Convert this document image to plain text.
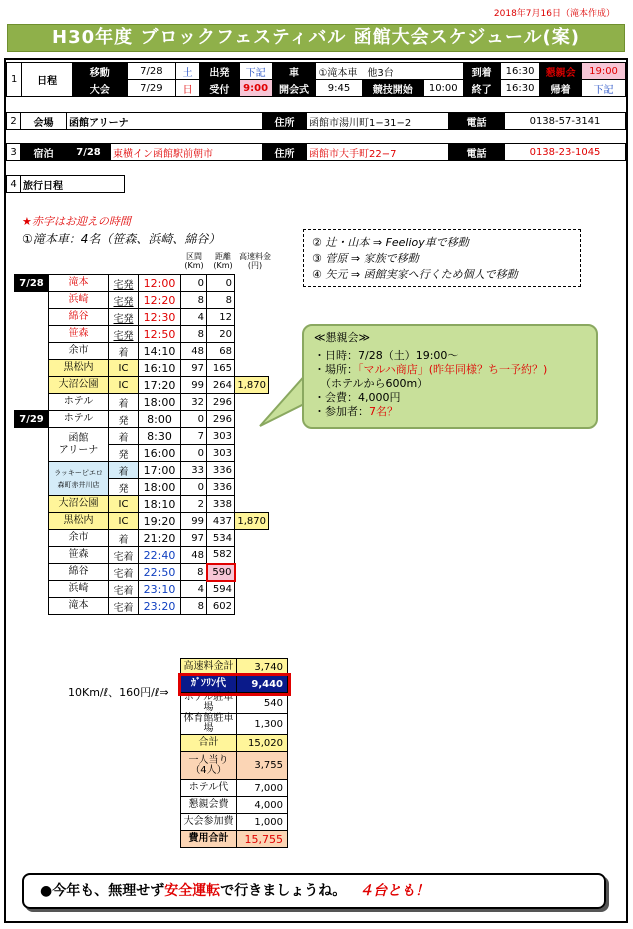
2018年7月16日（滝本作成）
H30年度 ブロックフェスティバル 函館大会スケジュール(案)
1	日程	移動	7/28	土	出発	下記	車	①滝本車　他3台			到着	16:30	懇親会	19:00
		大会	7/29	日	受付	9:00	開会式	9:45	競技開始	10:00	終了	16:30	帰着	下記
2	会場	函館アリーナ	住所	函館市湯川町1−31−2	電話	0138-57-3141
3	宿泊	7/28	東横イン函館駅前朝市	住所	函館市大手町22−7	電話	0138-23-1045
4	旅行日程
★赤字はお迎えの時間
①滝本車：4名（笹森、浜崎、綿谷）
区間
(Km)
距離
(Km)
高速料金
(円)
7/28	滝本	宅発	12:00	0	0	
	浜崎	宅発	12:20	8	8	
	綿谷	宅発	12:30	4	12	
	笹森	宅発	12:50	8	20	
	余市	着	14:10	48	68	
	黒松内	IC	16:10	97	165	
	大沼公園	IC	17:20	99	264	1,870
	ホテル	着	18:00	32	296	
7/29	ホテル	発	8:00	0	296	
	函館
アリーナ	着	8:30	7	303	
		発	16:00	0	303	
	ラッキーピエロ
森町赤井川店	着	17:00	33	336	
		発	18:00	0	336	
	大沼公園	IC	18:10	2	338	
	黒松内	IC	19:20	99	437	1,870
	余市	着	21:20	97	534	
	笹森	宅着	22:40	48	582	
	綿谷	宅着	22:50	8	590	
	浜崎	宅着	23:10	4	594	
	滝本	宅着	23:20	8	602	
② 辻・山本 ⇒ Feelioy車で移動
③ 菅原 ⇒ 家族で移動
④ 矢元 ⇒ 函館実家へ行くため個人で移動
≪懇親会≫
・日時：7/28（土）19:00〜
・場所：「マルハ商店」(昨年同様？ち一予約？)
（ホテルから600m）
・会費：4,000円
・参加者：7名？
10Km/ℓ、160円/ℓ⇒
高速料金計	3,740
ｶﾞｿﾘﾝ代	9,440
ホテル駐車場	540
体育館駐車場	1,300
合計	15,020
一人当り
（4人）	3,755
ホテル代	7,000
懇親会費	4,000
大会参加費	1,000
費用合計	15,755
●今年も、無理せず安全運転で行きましょうね。 ４台とも！
